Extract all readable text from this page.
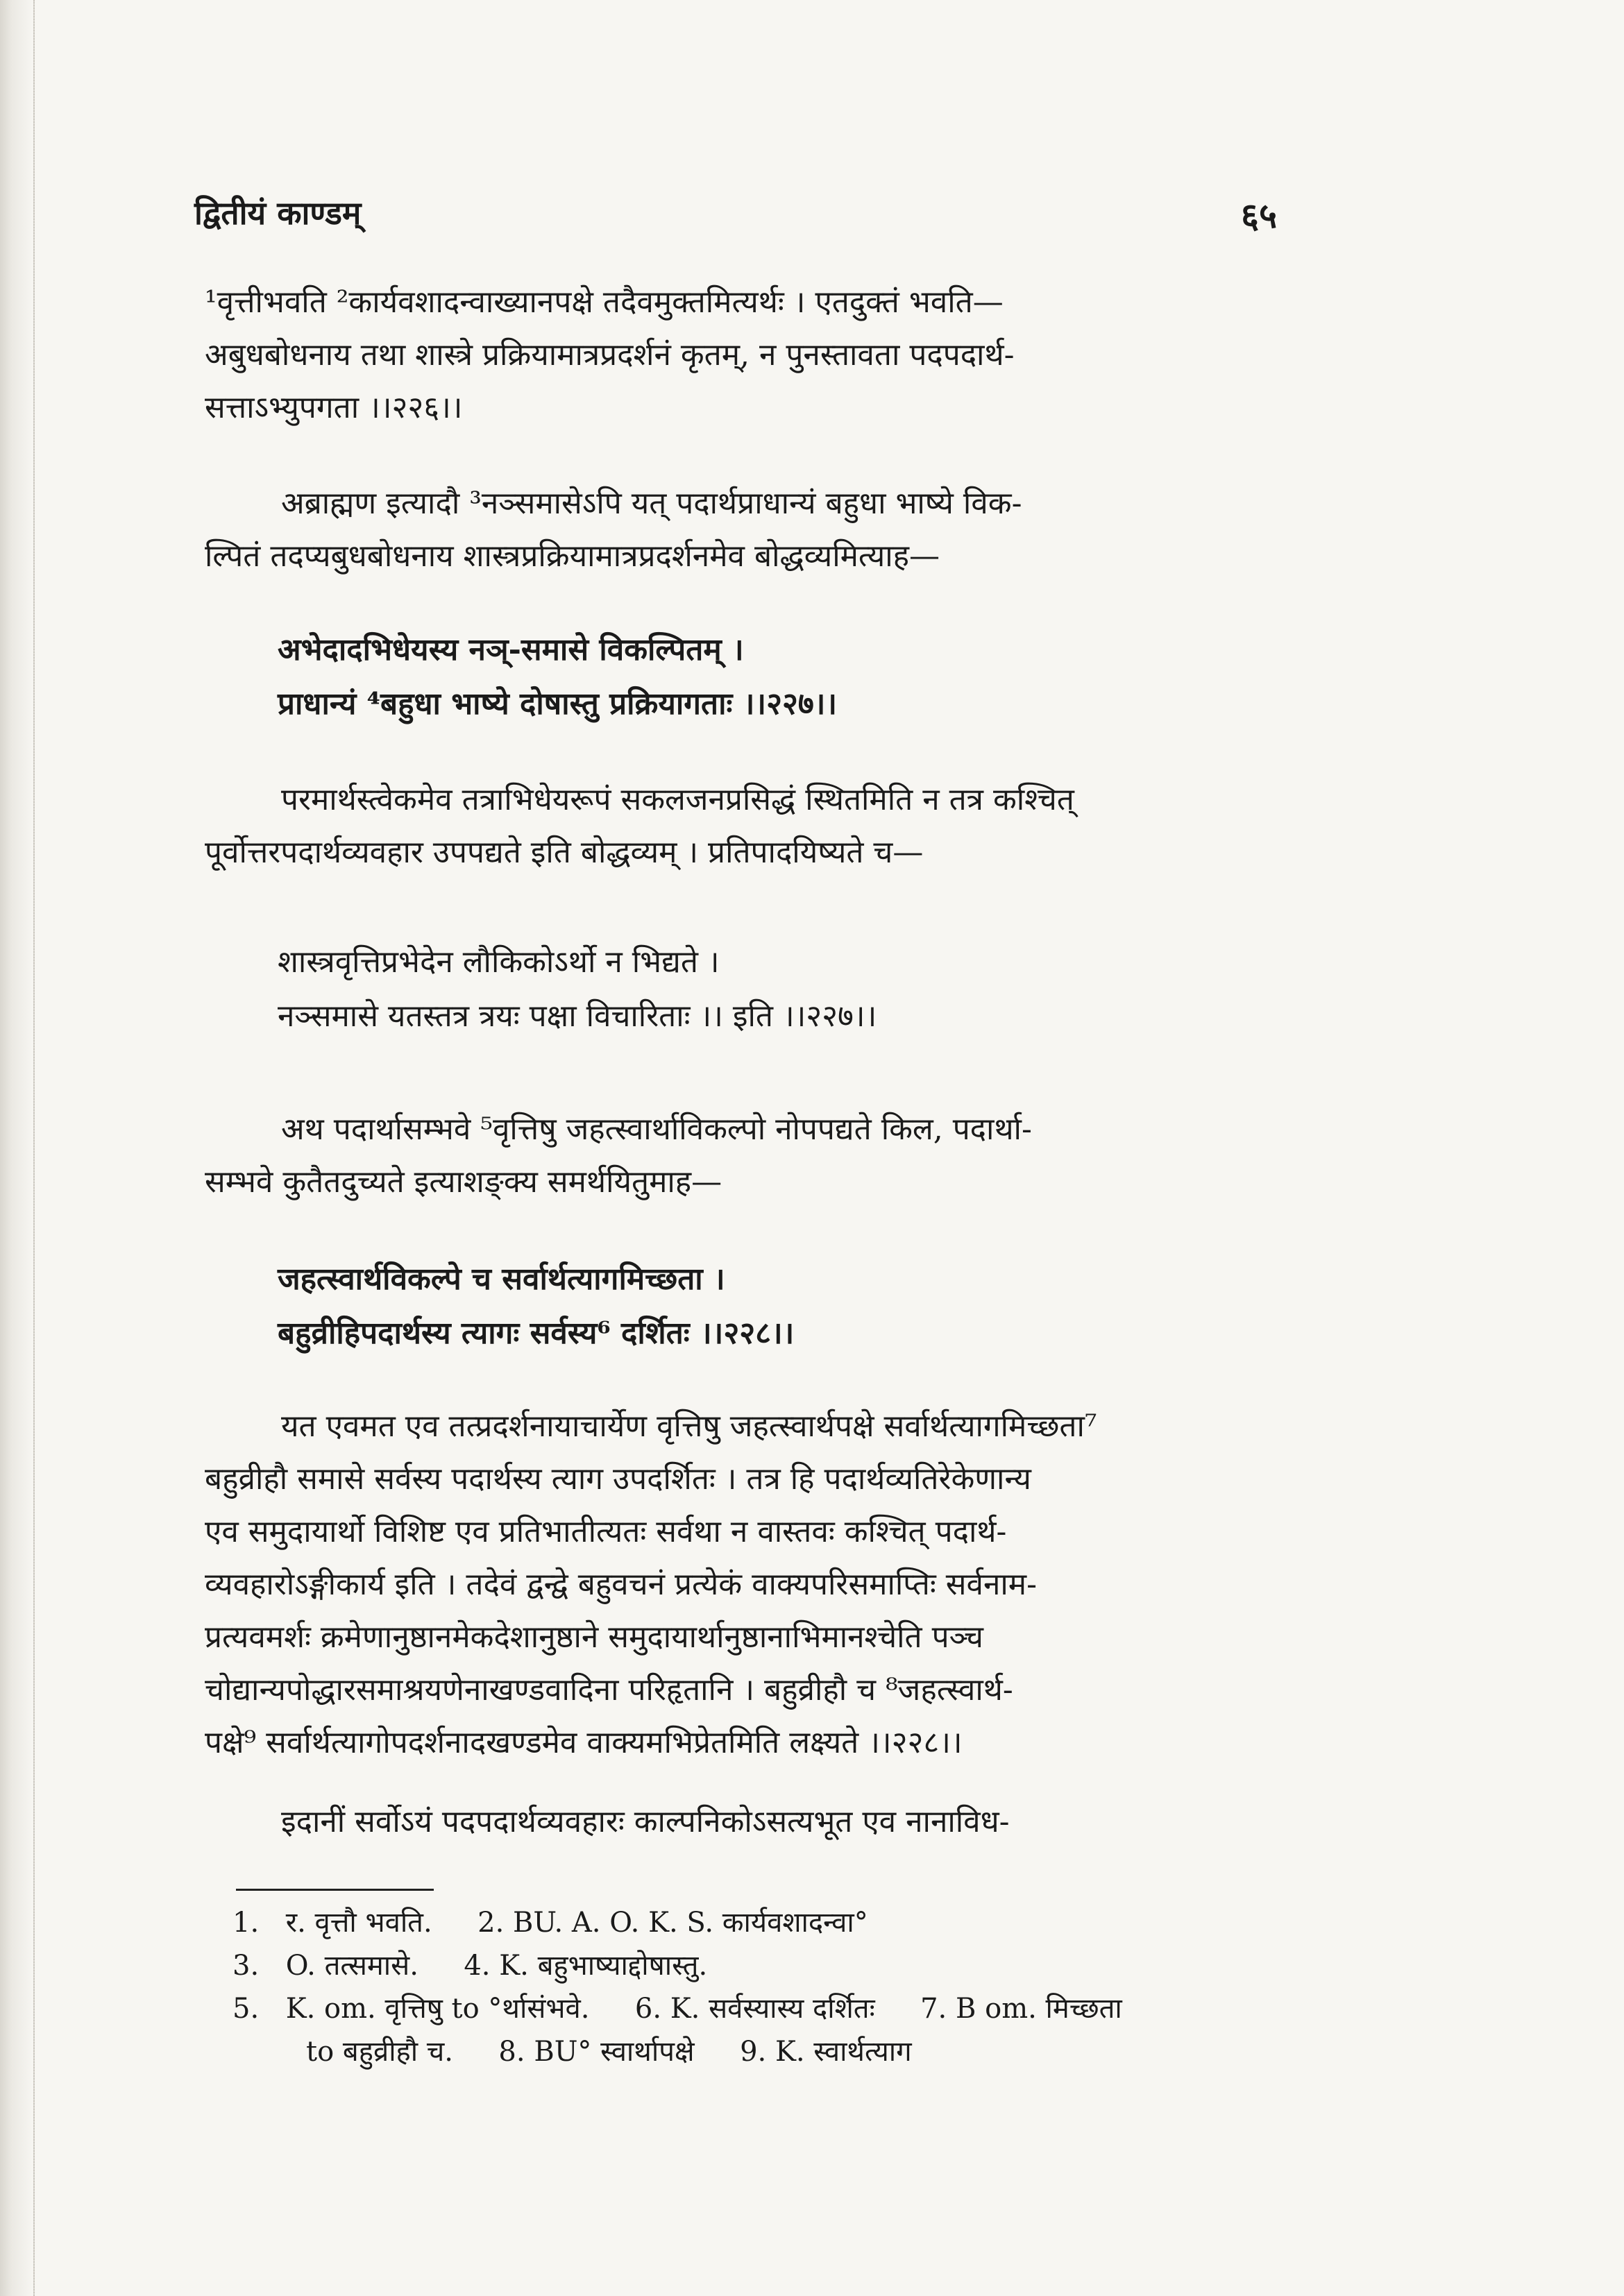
द्वितीयं काण्डम्	६५
¹वृत्तीभवति ²कार्यवशादन्वाख्यानपक्षे तदैवमुक्तमित्यर्थः । एतदुक्तं भवति—
अबुधबोधनाय तथा शास्त्रे प्रक्रियामात्रप्रदर्शनं कृतम्, न पुनस्तावता पदपदार्थ-
सत्ताऽभ्युपगता ।।२२६।।
अब्राह्मण इत्यादौ ³नञ्समासेऽपि यत् पदार्थप्राधान्यं बहुधा भाष्ये विक-
ल्पितं तदप्यबुधबोधनाय शास्त्रप्रक्रियामात्रप्रदर्शनमेव बोद्धव्यमित्याह—
अभेदादभिधेयस्य नञ्-समासे विकल्पितम् ।
प्राधान्यं ⁴बहुधा भाष्ये दोषास्तु प्रक्रियागताः ।।२२७।।
परमार्थस्त्वेकमेव तत्राभिधेयरूपं सकलजनप्रसिद्धं स्थितमिति न तत्र कश्चित्
पूर्वोत्तरपदार्थव्यवहार उपपद्यते इति बोद्धव्यम् । प्रतिपादयिष्यते च—
शास्त्रवृत्तिप्रभेदेन लौकिकोऽर्थो न भिद्यते ।
नञ्समासे यतस्तत्र त्रयः पक्षा विचारिताः ।। इति ।।२२७।।
अथ पदार्थासम्भवे ⁵वृत्तिषु जहत्स्वार्थाविकल्पो नोपपद्यते किल, पदार्था-
सम्भवे कुतैतदुच्यते इत्याशङ्क्य समर्थयितुमाह—
जहत्स्वार्थविकल्पे च सर्वार्थत्यागमिच्छता ।
बहुव्रीहिपदार्थस्य त्यागः सर्वस्य⁶ दर्शितः ।।२२८।।
यत एवमत एव तत्प्रदर्शनायाचार्येण वृत्तिषु जहत्स्वार्थपक्षे सर्वार्थत्यागमिच्छता⁷
बहुव्रीहौ समासे सर्वस्य पदार्थस्य त्याग उपदर्शितः । तत्र हि पदार्थव्यतिरेकेणान्य
एव समुदायार्थो विशिष्ट एव प्रतिभातीत्यतः सर्वथा न वास्तवः कश्चित् पदार्थ-
व्यवहारोऽङ्गीकार्य इति । तदेवं द्वन्द्वे बहुवचनं प्रत्येकं वाक्यपरिसमाप्तिः सर्वनाम-
प्रत्यवमर्शः क्रमेणानुष्ठानमेकदेशानुष्ठाने समुदायार्थानुष्ठानाभिमानश्चेति पञ्च
चोद्यान्यपोद्धारसमाश्रयणेनाखण्डवादिना परिहृतानि । बहुव्रीहौ च ⁸जहत्स्वार्थ-
पक्षे⁹ सर्वार्थत्यागोपदर्शनादखण्डमेव वाक्यमभिप्रेतमिति लक्ष्यते ।।२२८।।
इदानीं सर्वोऽयं पदपदार्थव्यवहारः काल्पनिकोऽसत्यभूत एव नानाविध-
1. र. वृत्तौ भवति. 2. BU. A. O. K. S. कार्यवशादन्वा°
3. O. तत्समासे. 4. K. बहुभाष्याद्दोषास्तु.
5. K. om. वृत्तिषु to °र्थासंभवे. 6. K. सर्वस्यास्य दर्शितः 7. B om. मिच्छता
to बहुव्रीहौ च. 8. BU° स्वार्थापक्षे 9. K. स्वार्थत्याग
